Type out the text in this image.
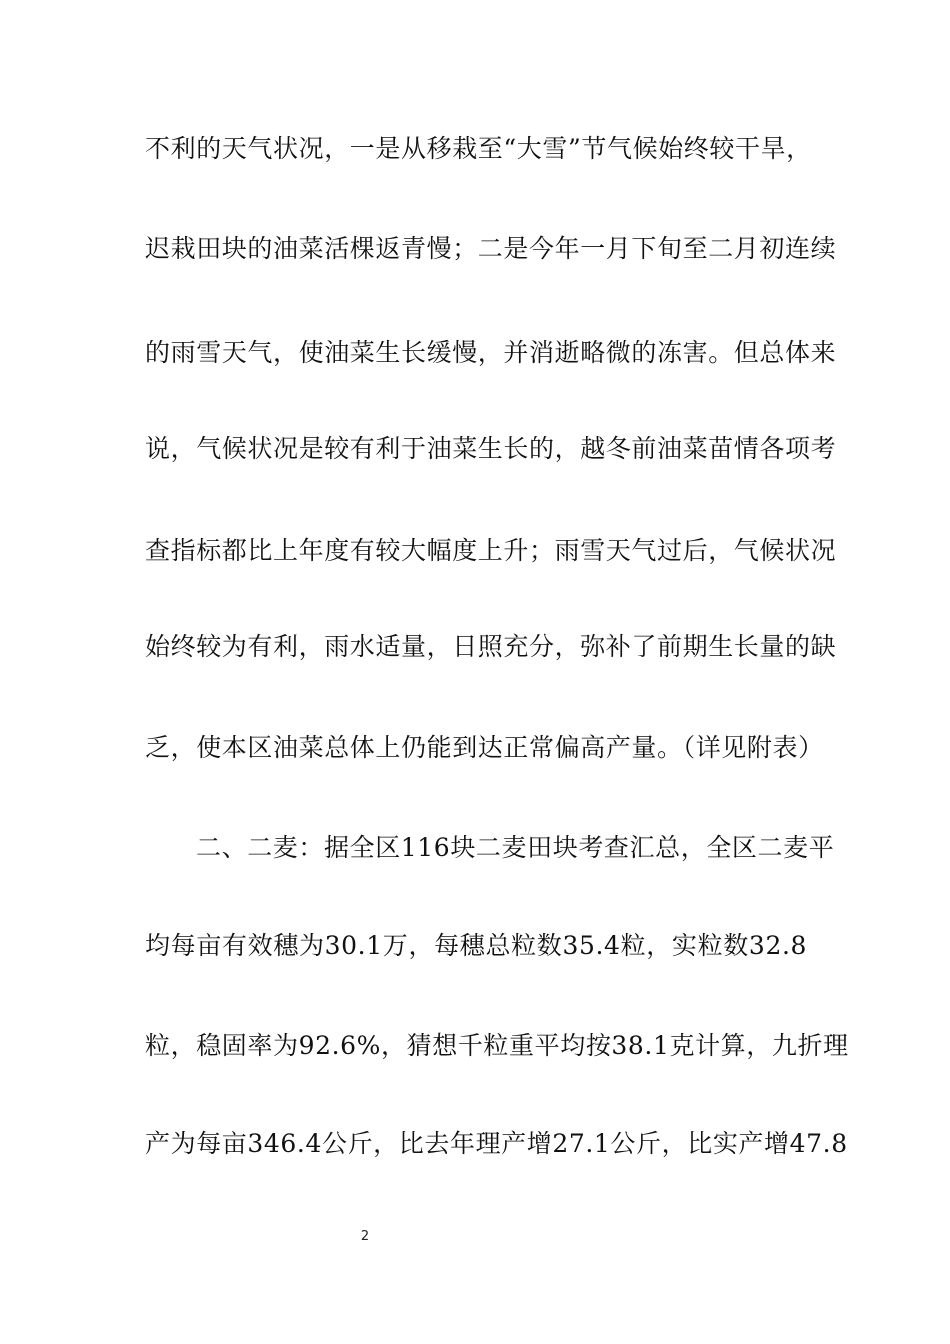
不利的天气状况，一是从移栽至“大雪”节气候始终较干旱，
迟栽田块的油菜活棵返青慢；二是今年一月下旬至二月初连续
的雨雪天气，使油菜生长缓慢，并消逝略微的冻害。但总体来
说，气候状况是较有利于油菜生长的，越冬前油菜苗情各项考
查指标都比上年度有较大幅度上升；雨雪天气过后，气候状况
始终较为有利，雨水适量，日照充分，弥补了前期生长量的缺
乏，使本区油菜总体上仍能到达正常偏高产量。（详见附表）
二、二麦：据全区116块二麦田块考查汇总，全区二麦平
均每亩有效穗为30.1万，每穗总粒数35.4粒，实粒数32.8
粒，稳固率为92.6%，猜想千粒重平均按38.1克计算，九折理
产为每亩346.4公斤，比去年理产增27.1公斤，比实产增47.8
2
